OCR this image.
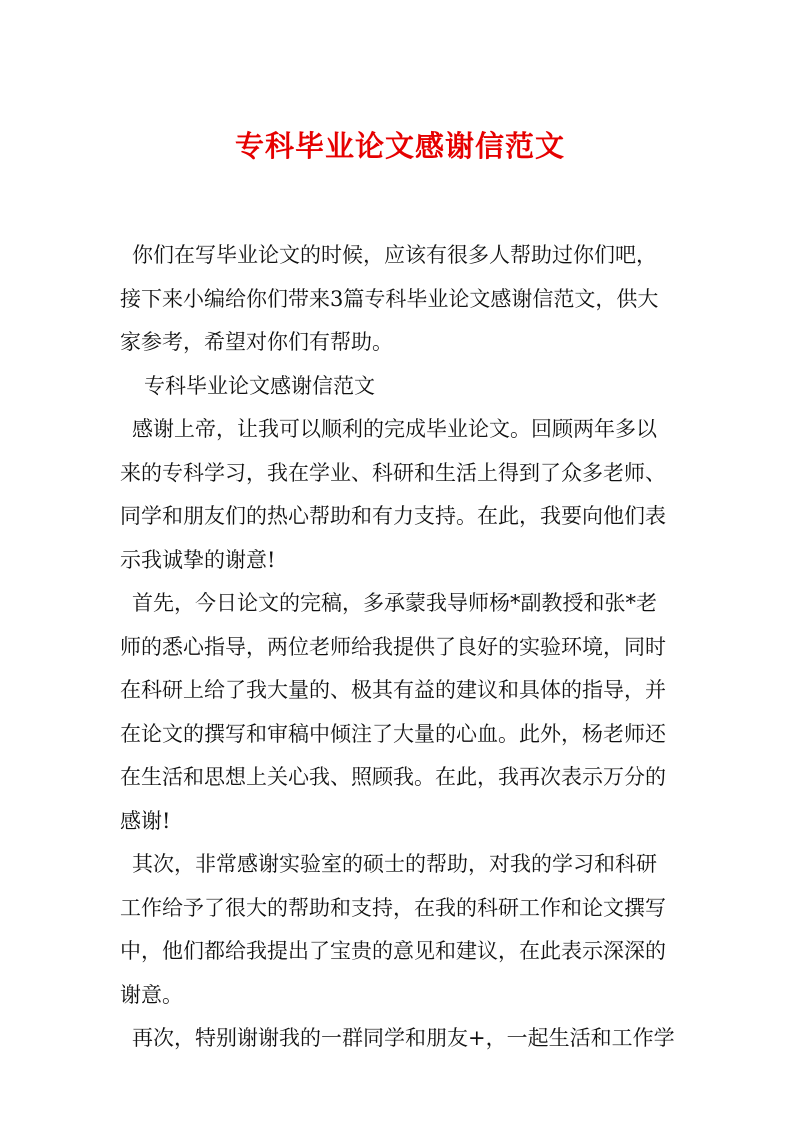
专科毕业论文感谢信范文
你们在写毕业论文的时候，应该有很多人帮助过你们吧，
接下来小编给你们带来3篇专科毕业论文感谢信范文，供大
家参考，希望对你们有帮助。
专科毕业论文感谢信范文
感谢上帝，让我可以顺利的完成毕业论文。回顾两年多以
来的专科学习，我在学业、科研和生活上得到了众多老师、
同学和朋友们的热心帮助和有力支持。在此，我要向他们表
示我诚挚的谢意!
首先，今日论文的完稿，多承蒙我导师杨*副教授和张*老
师的悉心指导，两位老师给我提供了良好的实验环境，同时
在科研上给了我大量的、极其有益的建议和具体的指导，并
在论文的撰写和审稿中倾注了大量的心血。此外，杨老师还
在生活和思想上关心我、照顾我。在此，我再次表示万分的
感谢!
其次，非常感谢实验室的硕士的帮助，对我的学习和科研
工作给予了很大的帮助和支持，在我的科研工作和论文撰写
中，他们都给我提出了宝贵的意见和建议，在此表示深深的
谢意。
再次，特别谢谢我的一群同学和朋友+，一起生活和工作学
